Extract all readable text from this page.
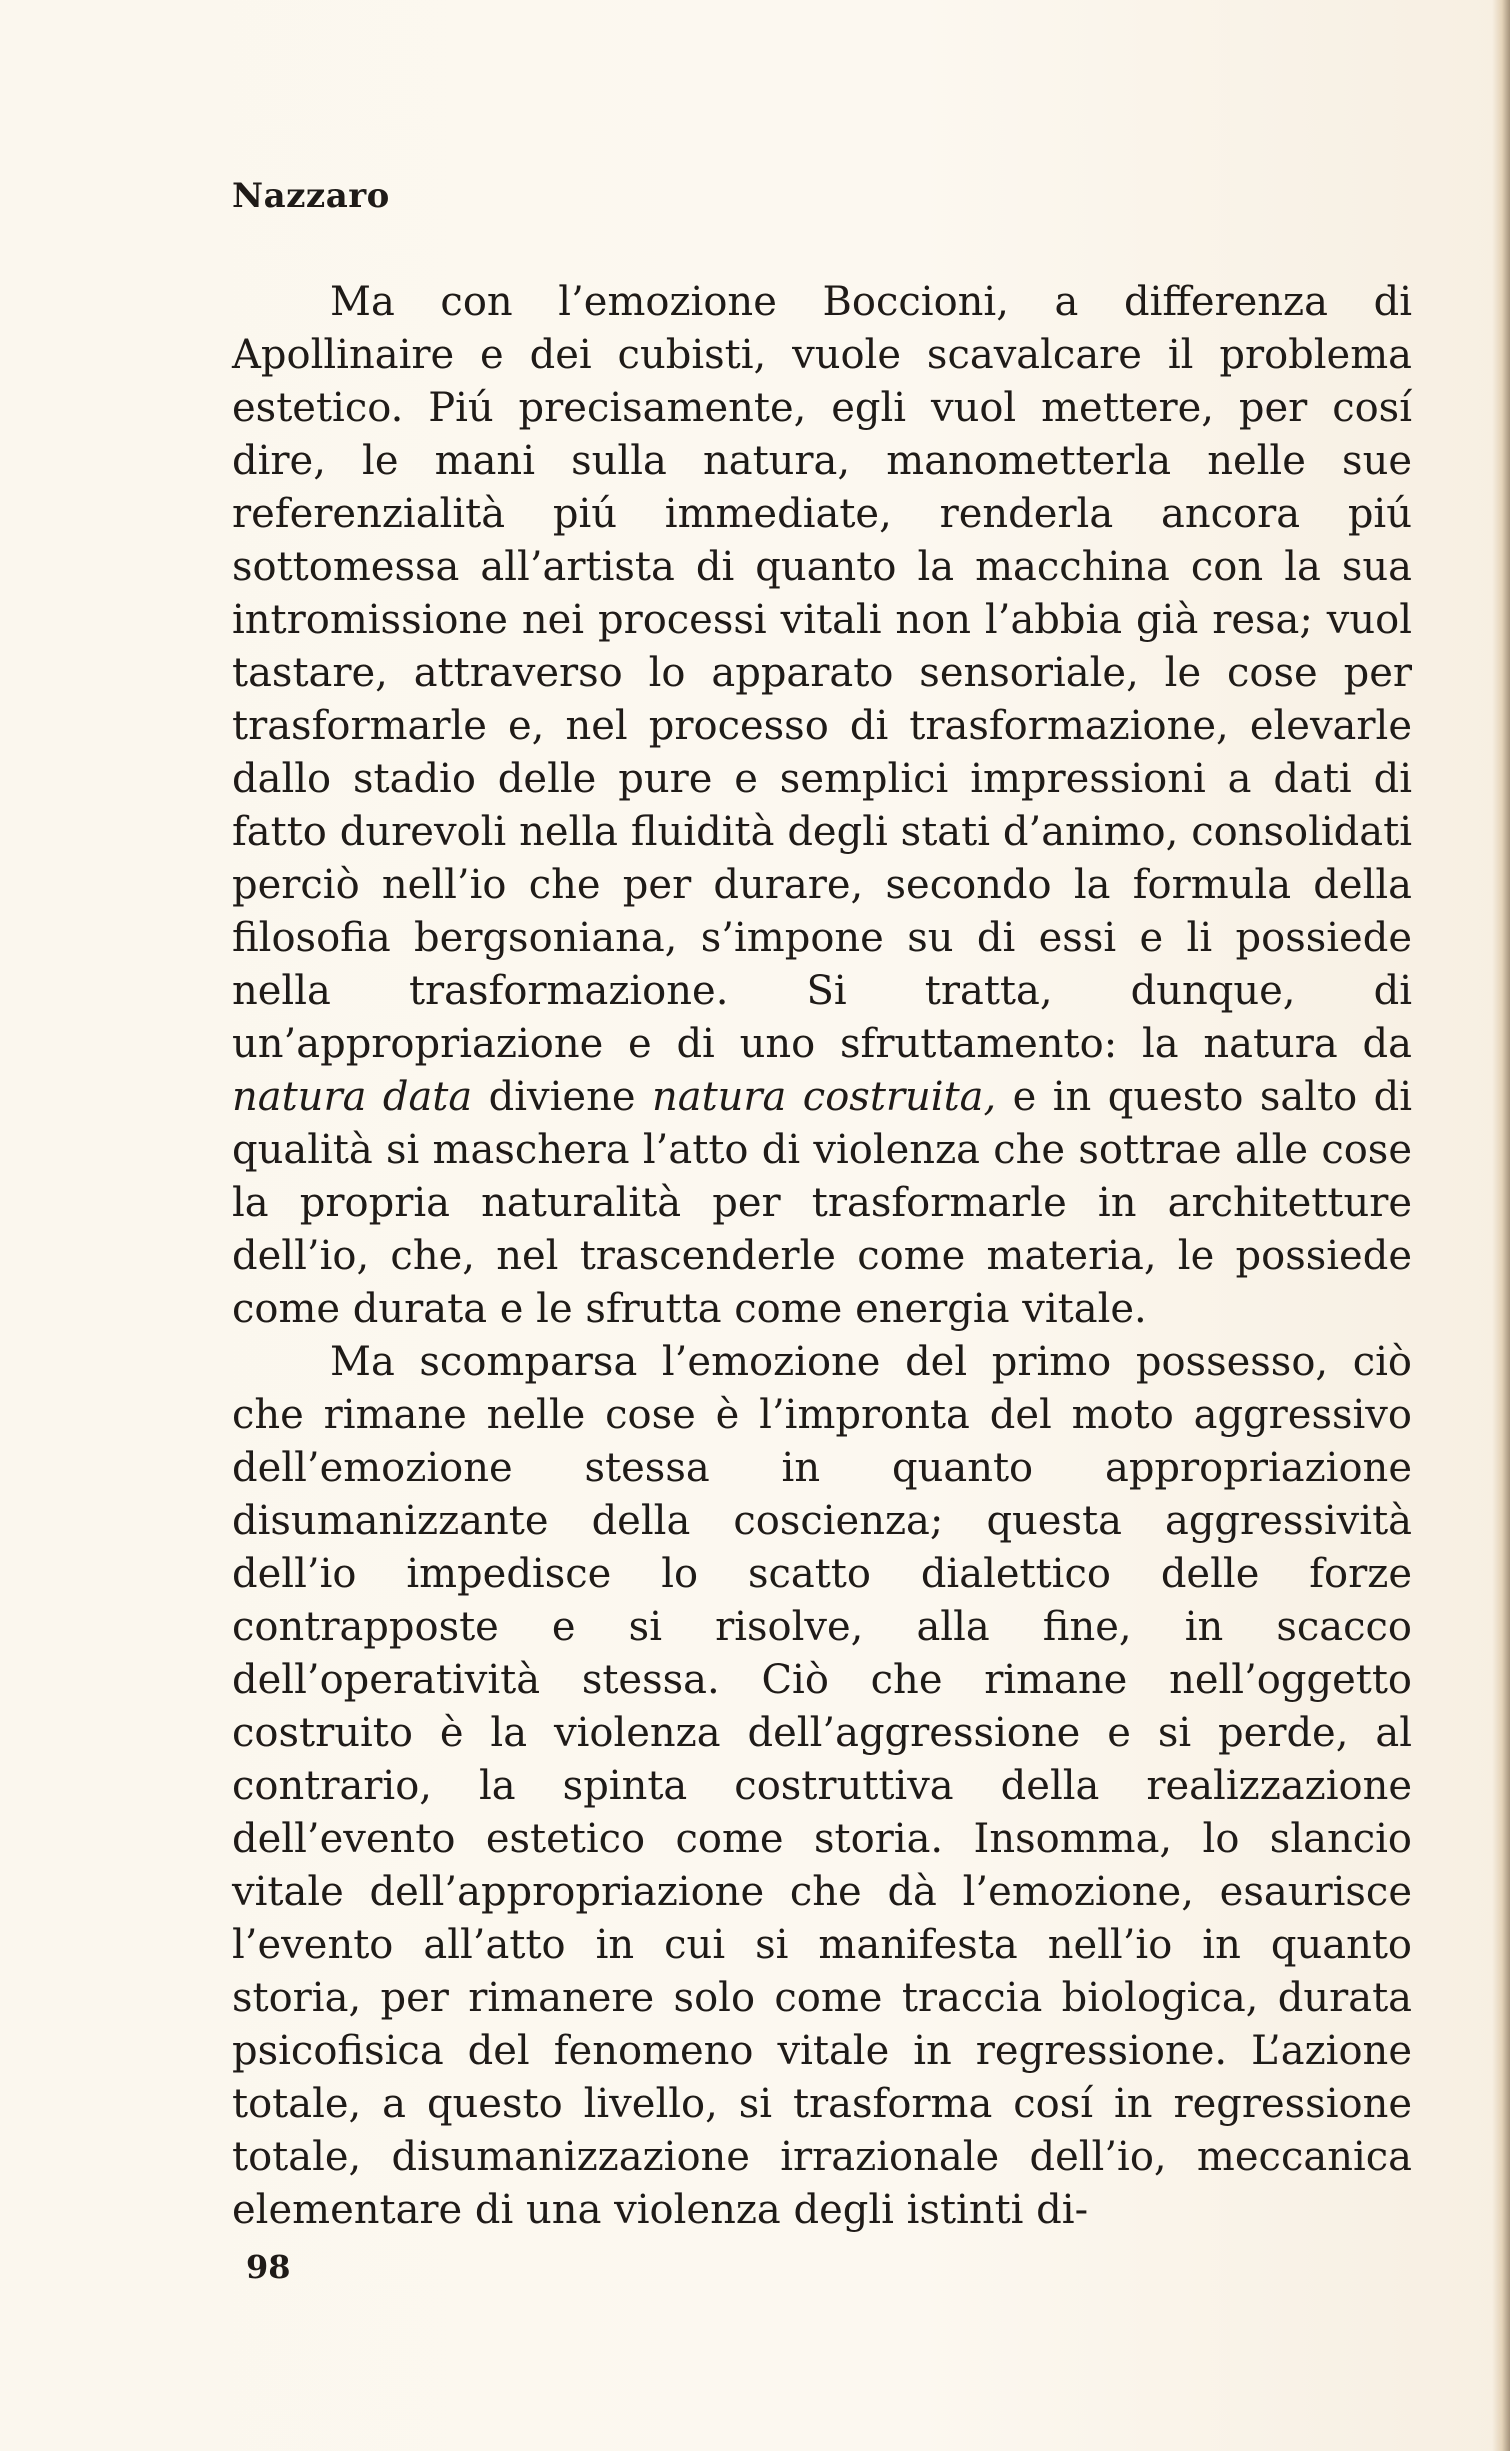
Nazzaro

Ma con l’emozione Boccioni, a differenza di Apollinaire e dei cubisti, vuole scavalcare il problema estetico. Piú precisamente, egli vuol mettere, per cosí dire, le mani sulla natura, manometterla nelle sue referenzialità piú immediate, renderla ancora piú sottomessa all’artista di quanto la macchina con la sua intromissione nei processi vitali non l’abbia già resa; vuol tastare, attraverso lo apparato sensoriale, le cose per trasformarle e, nel processo di trasformazione, elevarle dallo stadio delle pure e semplici impressioni a dati di fatto durevoli nella fluidità degli stati d’animo, consolidati perciò nell’io che per durare, secondo la formula della filosofia bergsoniana, s’impone su di essi e li possiede nella trasformazione. Si tratta, dunque, di un’appropriazione e di uno sfruttamento: la natura da natura data diviene natura costruita, e in questo salto di qualità si maschera l’atto di violenza che sottrae alle cose la propria naturalità per trasformarle in architetture dell’io, che, nel trascenderle come materia, le possiede come durata e le sfrutta come energia vitale.

Ma scomparsa l’emozione del primo possesso, ciò che rimane nelle cose è l’impronta del moto aggressivo dell’emozione stessa in quanto appropriazione disumanizzante della coscienza; questa aggressività dell’io impedisce lo scatto dialettico delle forze contrapposte e si risolve, alla fine, in scacco dell’operatività stessa. Ciò che rimane nell’oggetto costruito è la violenza dell’aggressione e si perde, al contrario, la spinta costruttiva della realizzazione dell’evento estetico come storia. Insomma, lo slancio vitale dell’appropriazione che dà l’emozione, esaurisce l’evento all’atto in cui si manifesta nell’io in quanto storia, per rimanere solo come traccia biologica, durata psicofisica del fenomeno vitale in regressione. L’azione totale, a questo livello, si trasforma cosí in regressione totale, disumanizzazione irrazionale dell’io, meccanica elementare di una violenza degli istinti di-

98
